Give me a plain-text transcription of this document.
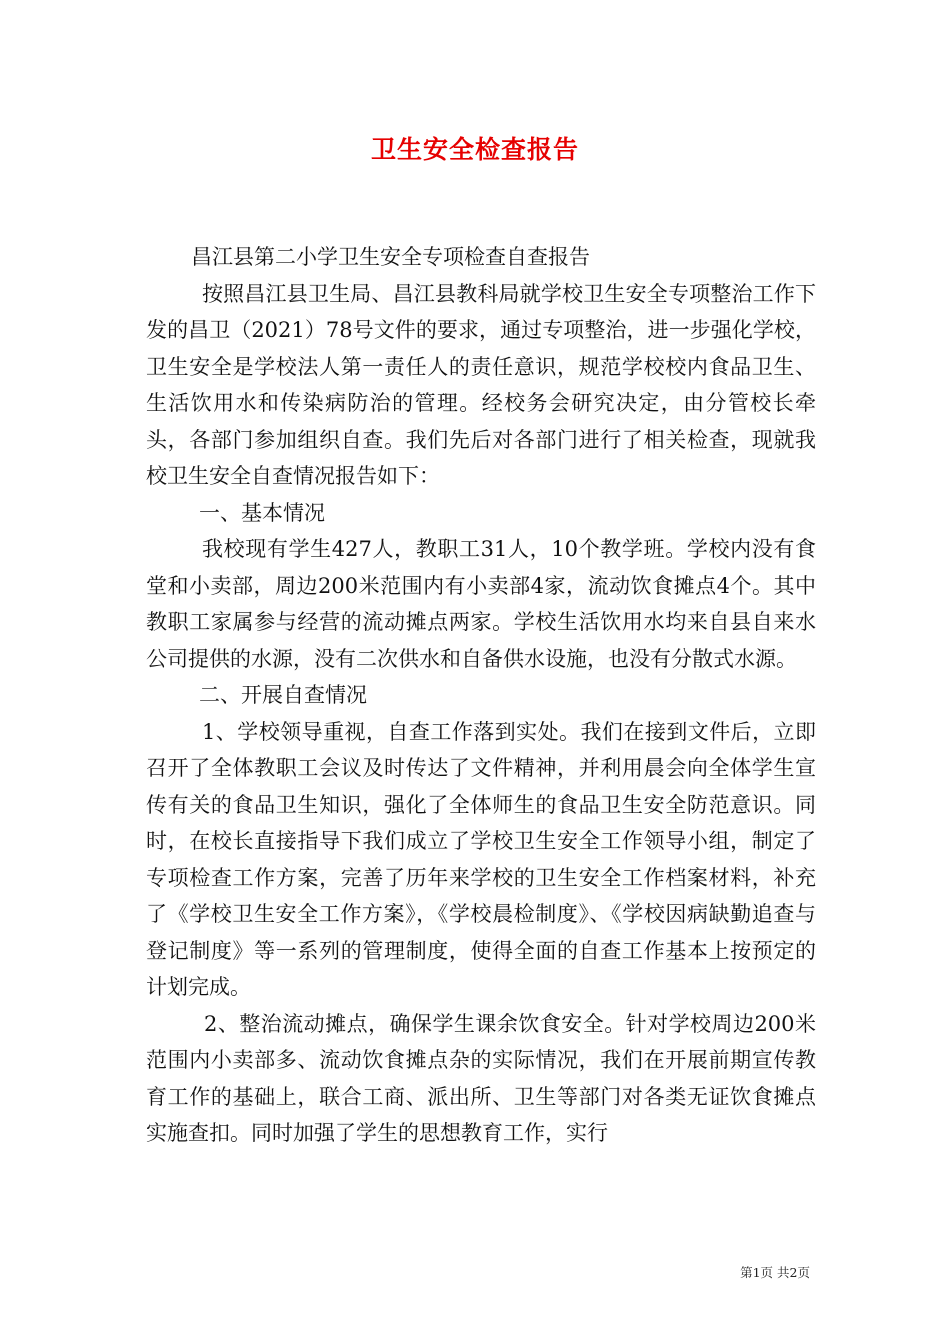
卫生安全检查报告

昌江县第二小学卫生安全专项检查自查报告

按照昌江县卫生局、昌江县教科局就学校卫生安全专项整治工作下发的昌卫（2021）78号文件的要求，通过专项整治，进一步强化学校，卫生安全是学校法人第一责任人的责任意识，规范学校校内食品卫生、生活饮用水和传染病防治的管理。经校务会研究决定，由分管校长牵头，各部门参加组织自查。我们先后对各部门进行了相关检查，现就我校卫生安全自查情况报告如下：

一、基本情况

我校现有学生427人，教职工31人，10个教学班。学校内没有食堂和小卖部，周边200米范围内有小卖部4家，流动饮食摊点4个。其中教职工家属参与经营的流动摊点两家。学校生活饮用水均来自县自来水公司提供的水源，没有二次供水和自备供水设施，也没有分散式水源。

二、开展自查情况

1、学校领导重视，自查工作落到实处。我们在接到文件后，立即召开了全体教职工会议及时传达了文件精神，并利用晨会向全体学生宣传有关的食品卫生知识，强化了全体师生的食品卫生安全防范意识。同时，在校长直接指导下我们成立了学校卫生安全工作领导小组，制定了专项检查工作方案，完善了历年来学校的卫生安全工作档案材料，补充了《学校卫生安全工作方案》，《学校晨检制度》、《学校因病缺勤追查与登记制度》等一系列的管理制度，使得全面的自查工作基本上按预定的计划完成。

2、整治流动摊点，确保学生课余饮食安全。针对学校周边200米范围内小卖部多、流动饮食摊点杂的实际情况，我们在开展前期宣传教育工作的基础上，联合工商、派出所、卫生等部门对各类无证饮食摊点实施查扣。同时加强了学生的思想教育工作，实行

第1页 共2页
